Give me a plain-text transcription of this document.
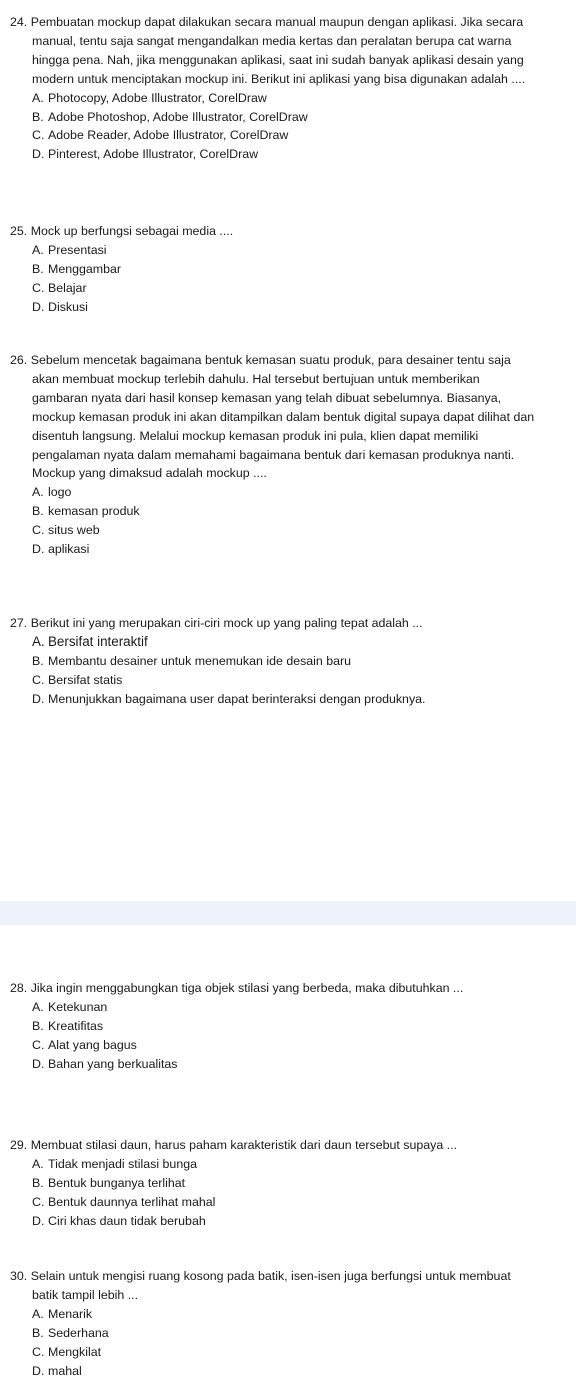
24. Pembuatan mockup dapat dilakukan secara manual maupun dengan aplikasi. Jika secara manual, tentu saja sangat mengandalkan media kertas dan peralatan berupa cat warna hingga pena. Nah, jika menggunakan aplikasi, saat ini sudah banyak aplikasi desain yang modern untuk menciptakan mockup ini. Berikut ini aplikasi yang bisa digunakan adalah ....

A. Photocopy, Adobe Illustrator, CorelDraw
B. Adobe Photoshop, Adobe Illustrator, CorelDraw
C. Adobe Reader, Adobe Illustrator, CorelDraw
D. Pinterest, Adobe Illustrator, CorelDraw

25. Mock up berfungsi sebagai media ....

A. Presentasi
B. Menggambar
C. Belajar
D. Diskusi

26. Sebelum mencetak bagaimana bentuk kemasan suatu produk, para desainer tentu saja akan membuat mockup terlebih dahulu. Hal tersebut bertujuan untuk memberikan gambaran nyata dari hasil konsep kemasan yang telah dibuat sebelumnya. Biasanya, mockup kemasan produk ini akan ditampilkan dalam bentuk digital supaya dapat dilihat dan disentuh langsung. Melalui mockup kemasan produk ini pula, klien dapat memiliki pengalaman nyata dalam memahami bagaimana bentuk dari kemasan produknya nanti. Mockup yang dimaksud adalah mockup ....

A. logo
B. kemasan produk
C. situs web
D. aplikasi

27. Berikut ini yang merupakan ciri-ciri mock up yang paling tepat adalah ...

A. Bersifat interaktif
B. Membantu desainer untuk menemukan ide desain baru
C. Bersifat statis
D. Menunjukkan bagaimana user dapat berinteraksi dengan produknya.

28. Jika ingin menggabungkan tiga objek stilasi yang berbeda, maka dibutuhkan ...

A. Ketekunan
B. Kreatifitas
C. Alat yang bagus
D. Bahan yang berkualitas

29. Membuat stilasi daun, harus paham karakteristik dari daun tersebut supaya ...

A. Tidak menjadi stilasi bunga
B. Bentuk bunganya terlihat
C. Bentuk daunnya terlihat mahal
D. Ciri khas daun tidak berubah

30. Selain untuk mengisi ruang kosong pada batik, isen-isen juga berfungsi untuk membuat batik tampil lebih ...

A. Menarik
B. Sederhana
C. Mengkilat
D. mahal
